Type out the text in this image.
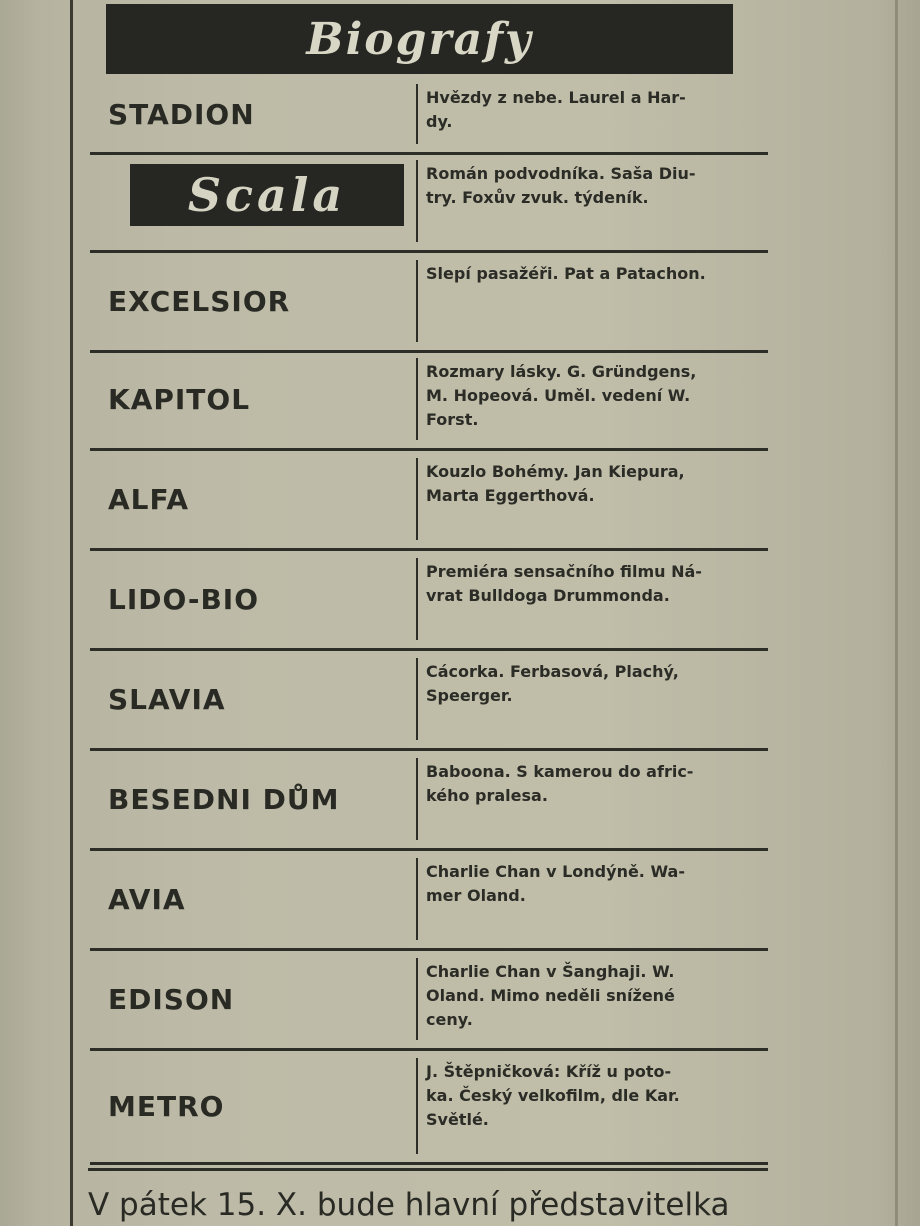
Biografy
STADION	Hvězdy z nebe. Laurel a Har-
dy.
Scala	Román podvodníka. Saša Diu-
try. Foxův zvuk. týdeník.
EXCELSIOR
Slepí pasažéři. Pat a Patachon.
KAPITOL
Rozmary lásky. G. Gründgens,
M. Hopeová. Uměl. vedení W.
Forst.
ALFA
Kouzlo Bohémy. Jan Kiepura,
Marta Eggerthová.
LIDO-BIO
Premiéra sensačního filmu Ná-
vrat Bulldoga Drummonda.
SLAVIA
Cácorka. Ferbasová, Plachý,
Speerger.
BESEDNI DŮM
Baboona. S kamerou do afric-
kého pralesa.
AVIA
Charlie Chan v Londýně. Wa-
mer Oland.
EDISON
Charlie Chan v Šanghaji. W.
Oland. Mimo neděli snížené
ceny.
METRO
J. Štěpničková: Kříž u poto-
ka. Český velkofilm, dle Kar.
Světlé.
V pátek 15. X. bude hlavní představitelka
